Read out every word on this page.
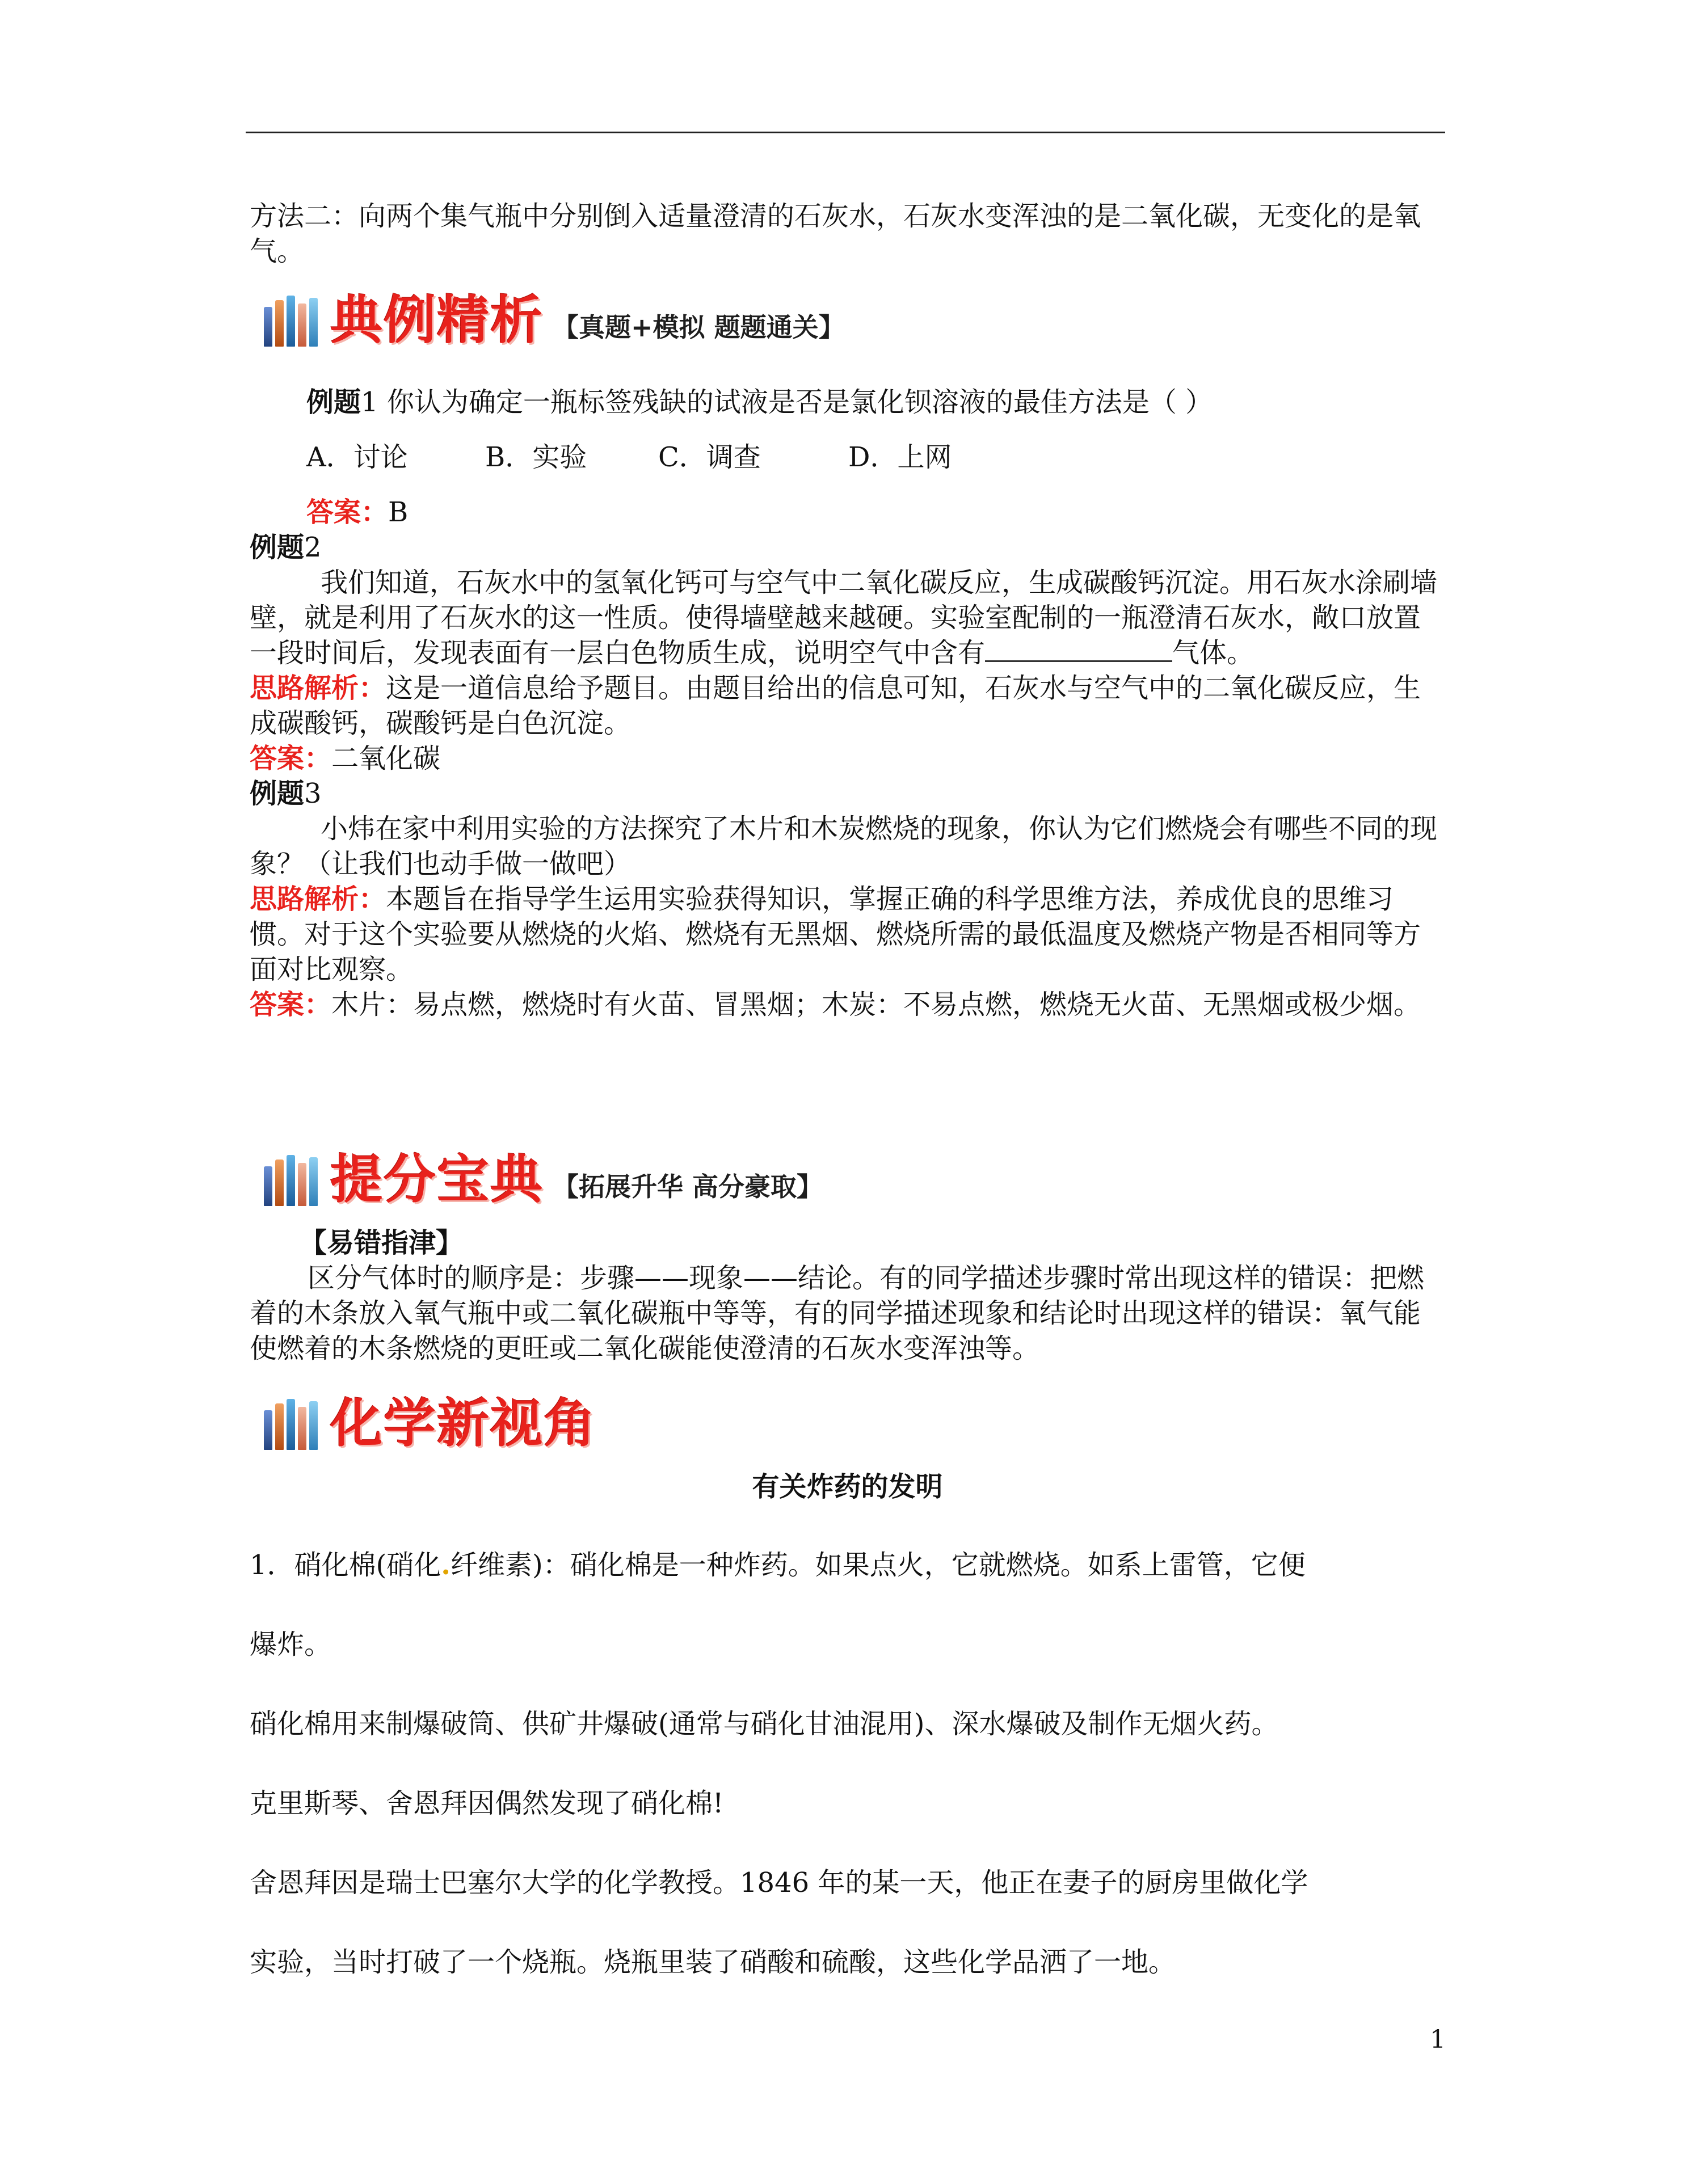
方法二：向两个集气瓶中分别倒入适量澄清的石灰水，石灰水变浑浊的是二氧化碳，无变化的是氧气。

典例精析 【真题+模拟 题题通关】

例题1 你认为确定一瓶标签残缺的试液是否是氯化钡溶液的最佳方法是（ ）

A．讨论	B．实验	C．调查	D．上网

答案：B

例题2

我们知道，石灰水中的氢氧化钙可与空气中二氧化碳反应，生成碳酸钙沉淀。用石灰水涂刷墙壁，就是利用了石灰水的这一性质。使得墙壁越来越硬。实验室配制的一瓶澄清石灰水，敞口放置一段时间后，发现表面有一层白色物质生成，说明空气中含有	气体。

思路解析：这是一道信息给予题目。由题目给出的信息可知，石灰水与空气中的二氧化碳反应，生成碳酸钙，碳酸钙是白色沉淀。

答案：二氧化碳

例题3

小炜在家中利用实验的方法探究了木片和木炭燃烧的现象，你认为它们燃烧会有哪些不同的现象？（让我们也动手做一做吧）

思路解析：本题旨在指导学生运用实验获得知识，掌握正确的科学思维方法，养成优良的思维习惯。对于这个实验要从燃烧的火焰、燃烧有无黑烟、燃烧所需的最低温度及燃烧产物是否相同等方面对比观察。

答案：木片：易点燃，燃烧时有火苗、冒黑烟；木炭：不易点燃，燃烧无火苗、无黑烟或极少烟。

提分宝典 【拓展升华 高分豪取】

【易错指津】

区分气体时的顺序是：步骤——现象——结论。有的同学描述步骤时常出现这样的错误：把燃着的木条放入氧气瓶中或二氧化碳瓶中等等，有的同学描述现象和结论时出现这样的错误：氧气能使燃着的木条燃烧的更旺或二氧化碳能使澄清的石灰水变浑浊等。

化学新视角
有关炸药的发明

1．硝化棉(硝化.纤维素)：硝化棉是一种炸药。如果点火，它就燃烧。如系上雷管，它便

爆炸。

硝化棉用来制爆破筒、供矿井爆破(通常与硝化甘油混用)、深水爆破及制作无烟火药。

克里斯琴、舍恩拜因偶然发现了硝化棉!

舍恩拜因是瑞士巴塞尔大学的化学教授。1846 年的某一天，他正在妻子的厨房里做化学

实验，当时打破了一个烧瓶。烧瓶里装了硝酸和硫酸，这些化学品洒了一地。

1
